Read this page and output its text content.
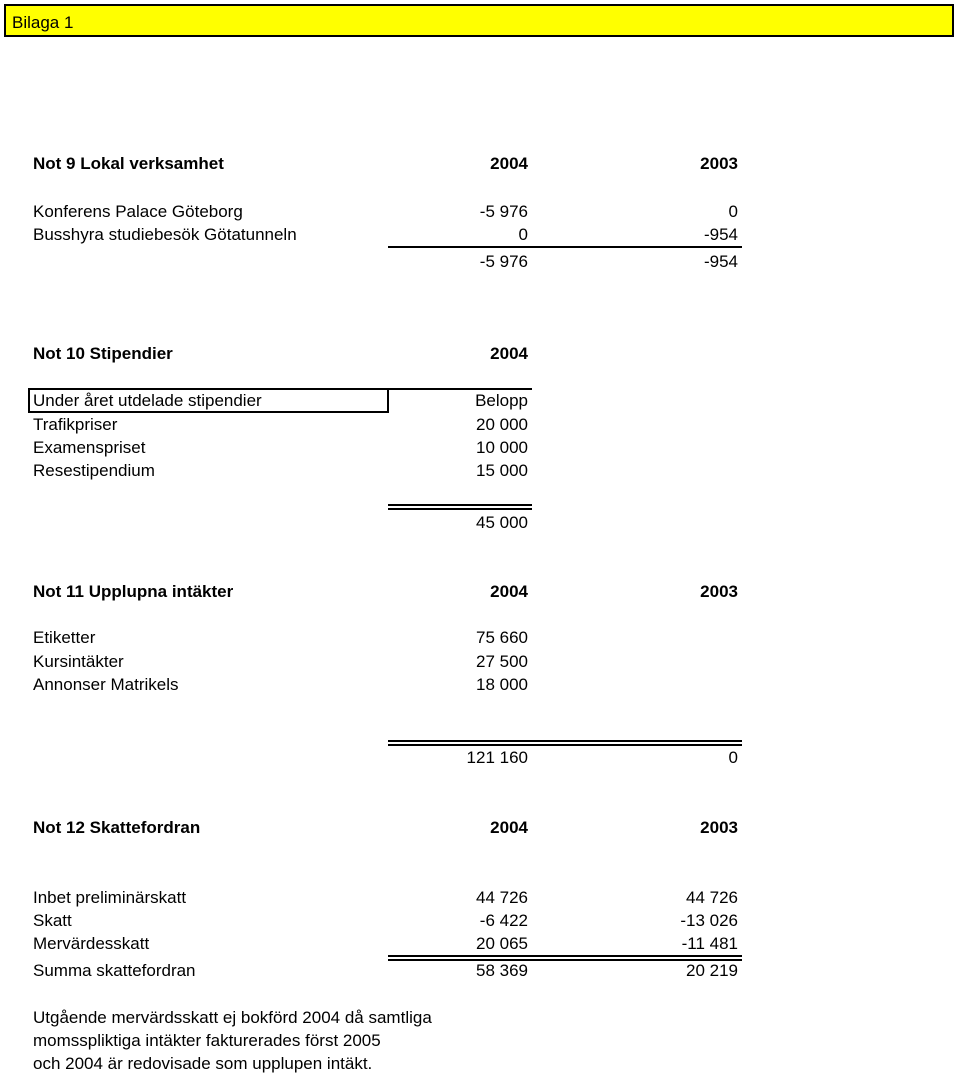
Bilaga 1
Not 9 Lokal verksamhet	2004	2003
Konferens Palace Göteborg	-5 976	0
Busshyra studiebesök Götatunneln	0	-954
-5 976	-954
Not 10 Stipendier	2004
Under året utdelade stipendier	Belopp
Trafikpriser	20 000
Examenspriset	10 000
Resestipendium	15 000
45 000
Not 11 Upplupna intäkter	2004	2003
Etiketter	75 660
Kursintäkter	27 500
Annonser Matrikels	18 000
121 160	0
Not 12 Skattefordran	2004	2003
Inbet preliminärskatt	44 726	44 726
Skatt	-6 422	-13 026
Mervärdesskatt	20 065	-11 481
Summa skattefordran	58 369	20 219
Utgående mervärdsskatt ej bokförd 2004 då samtliga
momsspliktiga intäkter fakturerades först 2005
och 2004 är redovisade som upplupen intäkt.
